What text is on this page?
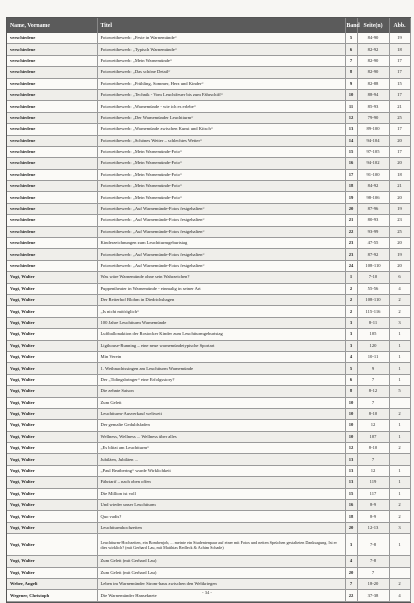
Name, Vorname	Titel	Band	Seite(n)	Abb.
verschiedene	Fotowettbewerb: „Feste in Warnemünde“	5	84-90	19
verschiedene	Fotowettbewerb: „Typisch Warnemünde“	6	82-92	18
verschiedene	Fotowettbewerb: „Mein Warnemünde“	7	82-90	17
verschiedene	Fotowettbewerb: „Das schöne Detail“	8	82-90	17
verschiedene	Fotowettbewerb: „Frühling, Sommer, Herz und Kinder“	9	82-88	15
verschiedene	Fotowettbewerb: „Technik - Vom Leuchtfeuer bis zum Fährschiff“	10	88-94	17
verschiedene	Fotowettbewerb: „Warnemünde - wie ich es erlebe“	11	85-93	21
verschiedene	Fotowettbewerb: „Der Warnemünder Leuchtturm“	12	79-90	25
verschiedene	Fotowettbewerb: „Warnemünde zwischen Kunst und Kitsch“	13	89-100	17
verschiedene	Fotowettbewerb: „Schönes Wetter – schlechtes Wetter“	14	94-104	20
verschiedene	Fotowettbewerb: „Mein Warnemünde-Foto“	15	97-105	17
verschiedene	Fotowettbewerb: „Mein Warnemünde-Foto“	16	94-102	20
verschiedene	Fotowettbewerb: „Mein Warnemünde-Foto“	17	91-100	18
verschiedene	Fotowettbewerb: „Mein Warnemünde-Foto“	18	84-92	21
verschiedene	Fotowettbewerb: „Mein Warnemünde-Foto“	19	98-106	20
verschiedene	Fotowettbewerb: „Auf Warnemünde-Fotos festgehalten“	20	87-96	19
verschiedene	Fotowettbewerb: „Auf Warnemünde-Fotos festgehalten“	21	80-93	23
verschiedene	Fotowettbewerb: „Auf Warnemünde-Fotos festgehalten“	22	93-99	25
verschiedene	Kinderzeichnungen zum Leuchtturmgeburtstag	23	47-55	20
verschiedene	Fotowettbewerb: „Auf Warnemünde-Fotos festgehalten“	23	87-92	19
verschiedene	Fotowettbewerb: „Auf Warnemünde-Fotos festgehalten“	24	108-110	20
Vogt, Walter	Was wäre Warnemünde ohne sein Wahrzeichen?	1	7-10	6
Vogt, Walter	Puppentheater in Warnemünde - einmalig in seiner Art	2	55-56	4
Vogt, Walter	Der Reiterhof Blohm in Diedrichshagen	2	108-110	2
Vogt, Walter	„Is nicht möööglich“	2	115-116	2
Vogt, Walter	100 Jahre Leuchtturm Warnemünde	3	8-11	3
Vogt, Walter	Luftballonaktion der Rostocker Kinder zum Leuchtturmgeburtstag	3	105	1
Vogt, Walter	Ligthouse-Running – eine neue warnemündetypische Sportart	3	120	1
Vogt, Walter	Min Verein	4	10-11	1
Vogt, Walter	1. Weihnachtssingen am Leuchtturm Warnemünde	5	9	1
Vogt, Walter	Der „Tidingsbringer“ eine Erfolgsstory?	6	7	1
Vogt, Walter	Die zehnte Saison	8	8-12	5
Vogt, Walter	Zum Geleit	10	7	
Vogt, Walter	Leuchtturm-Ausverkauf weltweit	10	8-10	2
Vogt, Walter	Der gemalte Geduldsfaden	10	12	1
Vogt, Walter	Wellness, Wellness ... Wellness über alles	10	107	1
Vogt, Walter	„Es blitzt am Leuchtturm“	12	8-10	2
Vogt, Walter	Jubiläen, Jubiläen ...	13	7	
Vogt, Walter	„Paul Beatbering“ wurde Wirklichkeit	13	12	1
Vogt, Walter	Fährtarif – nach oben offen	13	119	1
Vogt, Walter	Die Million ist voll	15	117	1
Vogt, Walter	Und wieder unser Leuchtturm	16	8-9	2
Vogt, Walter	Quo vadis?	18	8-9	2
Vogt, Walter	Leuchtturmhochzeiten	20	12-13	3
Vogt, Walter	Leuchtturm-Hochzeiten, ein Bombenjob, ... meinte ein Studentenpaar auf einer mit Fotos und netten Sprüchen gestalteten Danksagung. Ist er dies wirklich? (mit Gerhard Lau, mit Matthias Redleck & Achim Schade)	3	7-8	1
Vogt, Walter	Zum Geleit (mit Gerhard Lau)	4	7-8	
Vogt, Walter	Zum Geleit (mit Gerhard Lau)	20	7	
Weber, Angeli	Leben im Warnemünder Strom-haus zwischen den Weltkriegen	7	18-20	2
Wegener, Christoph	Die Warnemünder Hanseknete	22	37-38	4
- 34 -
